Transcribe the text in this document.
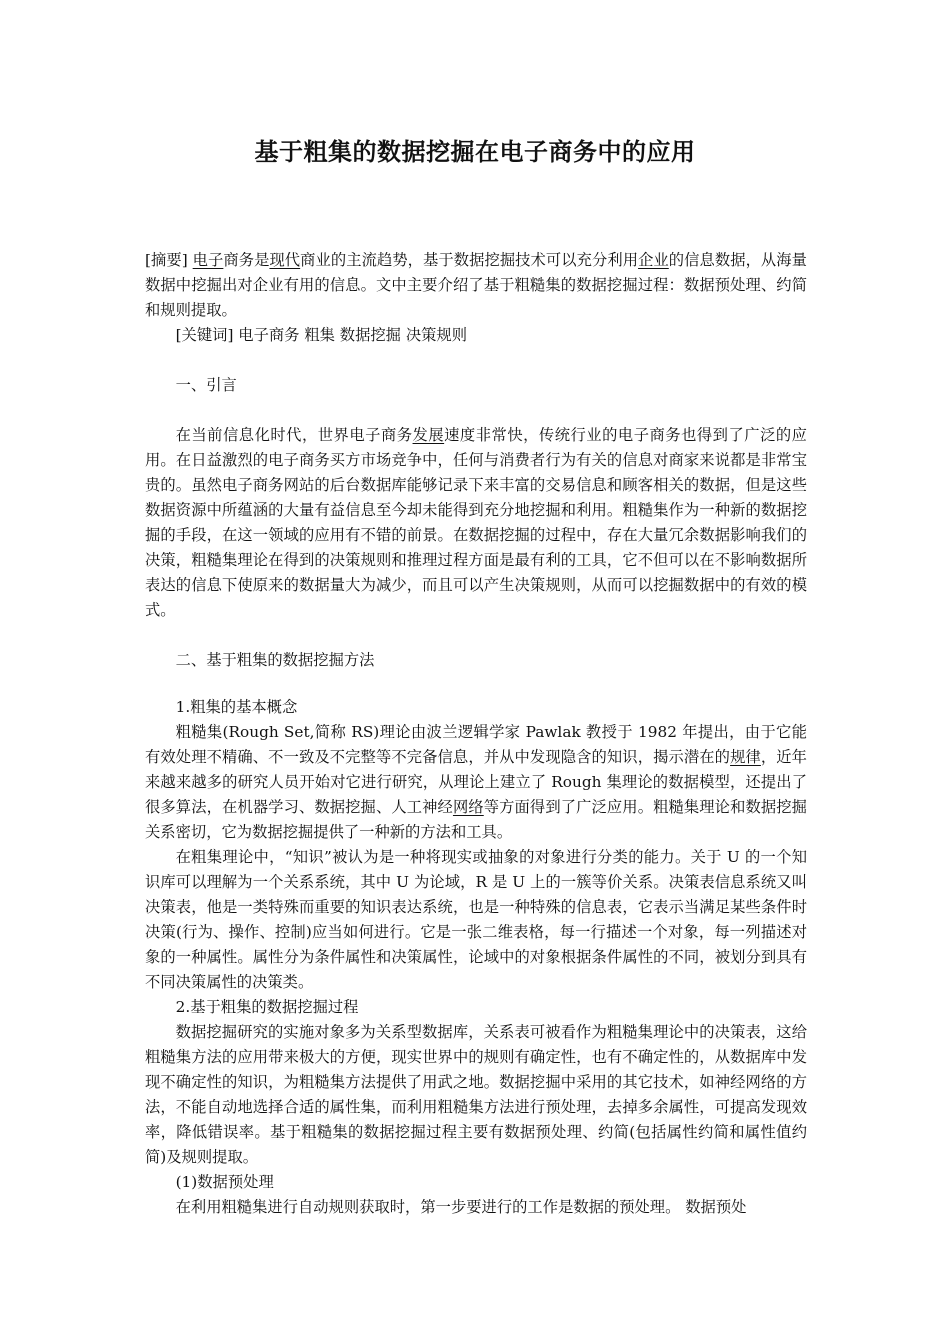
基于粗集的数据挖掘在电子商务中的应用

[摘要] 电子商务是现代商业的主流趋势，基于数据挖掘技术可以充分利用企业的信息数据，从海量数据中挖掘出对企业有用的信息。文中主要介绍了基于粗糙集的数据挖掘过程：数据预处理、约简和规则提取。

[关键词] 电子商务 粗集 数据挖掘 决策规则

一、引言

在当前信息化时代，世界电子商务发展速度非常快，传统行业的电子商务也得到了广泛的应用。在日益激烈的电子商务买方市场竞争中，任何与消费者行为有关的信息对商家来说都是非常宝贵的。虽然电子商务网站的后台数据库能够记录下来丰富的交易信息和顾客相关的数据，但是这些数据资源中所蕴涵的大量有益信息至今却未能得到充分地挖掘和利用。粗糙集作为一种新的数据挖掘的手段，在这一领域的应用有不错的前景。在数据挖掘的过程中，存在大量冗余数据影响我们的决策，粗糙集理论在得到的决策规则和推理过程方面是最有利的工具，它不但可以在不影响数据所表达的信息下使原来的数据量大为减少，而且可以产生决策规则，从而可以挖掘数据中的有效的模式。

二、基于粗集的数据挖掘方法

1.粗集的基本概念

粗糙集(Rough Set,简称 RS)理论由波兰逻辑学家 Pawlak 教授于 1982 年提出，由于它能有效处理不精确、不一致及不完整等不完备信息，并从中发现隐含的知识，揭示潜在的规律，近年来越来越多的研究人员开始对它进行研究，从理论上建立了 Rough 集理论的数据模型，还提出了很多算法，在机器学习、数据挖掘、人工神经网络等方面得到了广泛应用。粗糙集理论和数据挖掘关系密切，它为数据挖掘提供了一种新的方法和工具。

在粗集理论中，“知识”被认为是一种将现实或抽象的对象进行分类的能力。关于 U 的一个知识库可以理解为一个关系系统，其中 U 为论域，R 是 U 上的一簇等价关系。决策表信息系统又叫决策表，他是一类特殊而重要的知识表达系统，也是一种特殊的信息表，它表示当满足某些条件时决策(行为、操作、控制)应当如何进行。它是一张二维表格，每一行描述一个对象，每一列描述对象的一种属性。属性分为条件属性和决策属性，论域中的对象根据条件属性的不同，被划分到具有不同决策属性的决策类。

2.基于粗集的数据挖掘过程

数据挖掘研究的实施对象多为关系型数据库，关系表可被看作为粗糙集理论中的决策表，这给粗糙集方法的应用带来极大的方便，现实世界中的规则有确定性，也有不确定性的，从数据库中发现不确定性的知识，为粗糙集方法提供了用武之地。数据挖掘中采用的其它技术，如神经网络的方法，不能自动地选择合适的属性集，而利用粗糙集方法进行预处理，去掉多余属性，可提高发现效率，降低错误率。基于粗糙集的数据挖掘过程主要有数据预处理、约简(包括属性约简和属性值约简)及规则提取。

(1)数据预处理

在利用粗糙集进行自动规则获取时，第一步要进行的工作是数据的预处理。 数据预处
